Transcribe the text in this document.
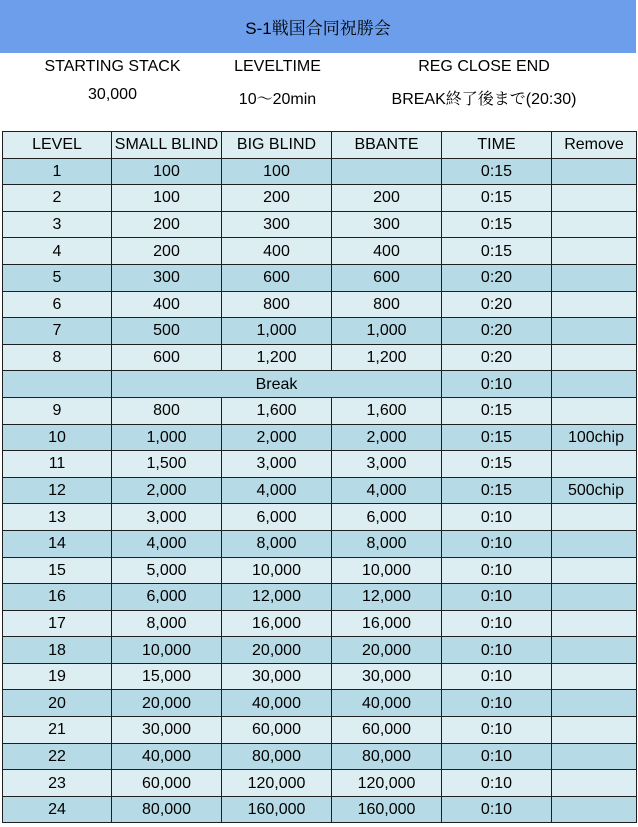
S-1戦国合同祝勝会
STARTING STACK
30,000
LEVELTIME
10〜20min
REG CLOSE END
BREAK終了後まで(20:30)
LEVEL	SMALL BLIND	BIG BLIND	BBANTE	TIME	Remove
1	100	100		0:15	
2	100	200	200	0:15	
3	200	300	300	0:15	
4	200	400	400	0:15	
5	300	600	600	0:20	
6	400	800	800	0:20	
7	500	1,000	1,000	0:20	
8	600	1,200	1,200	0:20	
	Break			0:10	
9	800	1,600	1,600	0:15	
10	1,000	2,000	2,000	0:15	100chip
11	1,500	3,000	3,000	0:15	
12	2,000	4,000	4,000	0:15	500chip
13	3,000	6,000	6,000	0:10	
14	4,000	8,000	8,000	0:10	
15	5,000	10,000	10,000	0:10	
16	6,000	12,000	12,000	0:10	
17	8,000	16,000	16,000	0:10	
18	10,000	20,000	20,000	0:10	
19	15,000	30,000	30,000	0:10	
20	20,000	40,000	40,000	0:10	
21	30,000	60,000	60,000	0:10	
22	40,000	80,000	80,000	0:10	
23	60,000	120,000	120,000	0:10	
24	80,000	160,000	160,000	0:10	
